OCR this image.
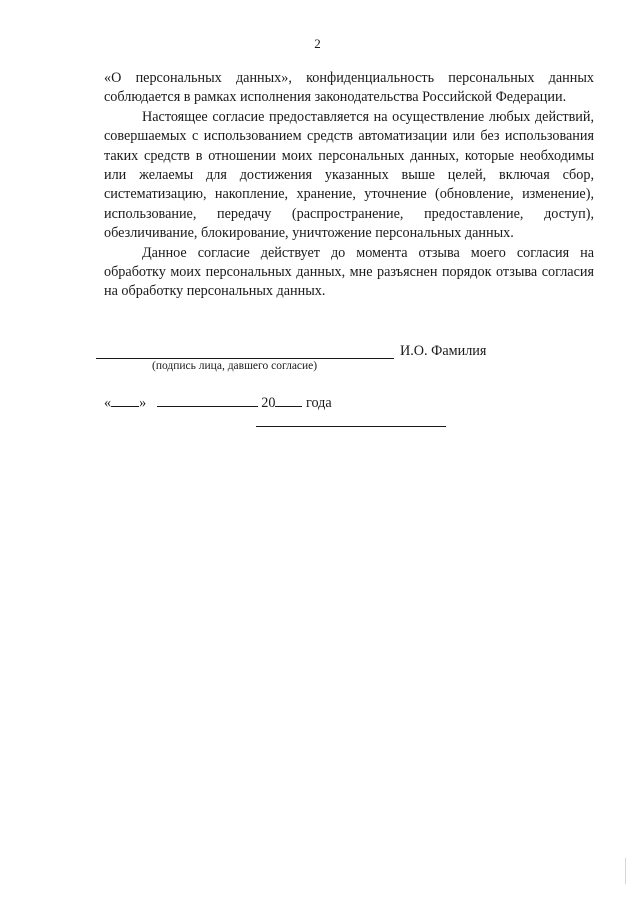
2

«О персональных данных», конфиденциальность персональных данных соблюдается в рамках исполнения законодательства Российской Федерации.

Настоящее согласие предоставляется на осуществление любых действий, совершаемых с использованием средств автоматизации или без использования таких средств в отношении моих персональных данных, которые необходимы или желаемы для достижения указанных выше целей, включая сбор, систематизацию, накопление, хранение, уточнение (обновление, изменение), использование, передачу (распространение, предоставление, доступ), обезличивание, блокирование, уничтожение персональных данных.

Данное согласие действует до момента отзыва моего согласия на обработку моих персональных данных, мне разъяснен порядок отзыва согласия на обработку персональных данных.

И.О. Фамилия
(подпись лица, давшего согласие)
« »	20 года
